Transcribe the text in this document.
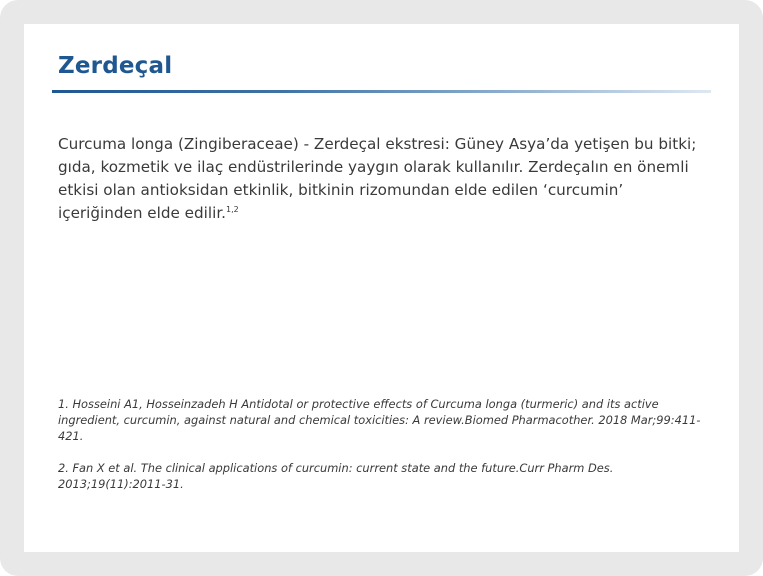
Zerdeçal

Curcuma longa (Zingiberaceae) - Zerdeçal ekstresi: Güney Asya’da yetişen bu bitki; gıda, kozmetik ve ilaç endüstrilerinde yaygın olarak kullanılır. Zerdeçalın en önemli etkisi olan antioksidan etkinlik, bitkinin rizomundan elde edilen ‘curcumin’ içeriğinden elde edilir.$^{1,2}$

1. Hosseini A1, Hosseinzadeh H Antidotal or protective effects of Curcuma longa (turmeric) and its active ingredient, curcumin, against natural and chemical toxicities: A review.Biomed Pharmacother. 2018 Mar;99:411-421.

2. Fan X et al. The clinical applications of curcumin: current state and the future.Curr Pharm Des. 2013;19(11):2011-31.
